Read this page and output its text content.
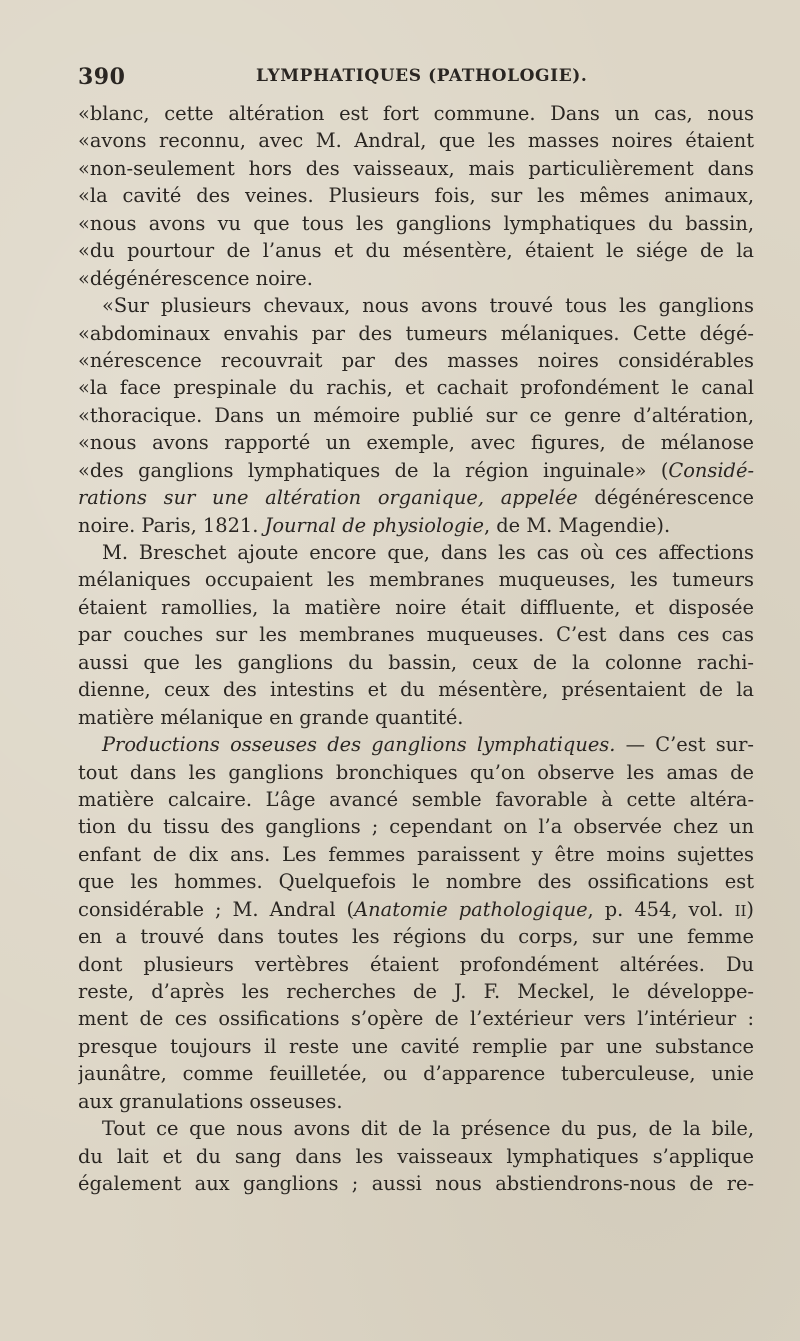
390	LYMPHATIQUES (PATHOLOGIE).
«blanc, cette altération est fort commune. Dans un cas, nous
«avons reconnu, avec M. Andral, que les masses noires étaient
«non-seulement hors des vaisseaux, mais particulièrement dans
«la cavité des veines. Plusieurs fois, sur les mêmes animaux,
«nous avons vu que tous les ganglions lymphatiques du bassin,
«du pourtour de l’anus et du mésentère, étaient le siége de la
«dégénérescence noire.
«Sur plusieurs chevaux, nous avons trouvé tous les ganglions
«abdominaux envahis par des tumeurs mélaniques. Cette dégé-
«nérescence recouvrait par des masses noires considérables
«la face prespinale du rachis, et cachait profondément le canal
«thoracique. Dans un mémoire publié sur ce genre d’altération,
«nous avons rapporté un exemple, avec figures, de mélanose
«des ganglions lymphatiques de la région inguinale» (Considé-
rations sur une altération organique, appelée dégénérescence
noire. Paris, 1821. Journal de physiologie, de M. Magendie).
M. Breschet ajoute encore que, dans les cas où ces affections
mélaniques occupaient les membranes muqueuses, les tumeurs
étaient ramollies, la matière noire était diffluente, et disposée
par couches sur les membranes muqueuses. C’est dans ces cas
aussi que les ganglions du bassin, ceux de la colonne rachi-
dienne, ceux des intestins et du mésentère, présentaient de la
matière mélanique en grande quantité.
Productions osseuses des ganglions lymphatiques. — C’est sur-
tout dans les ganglions bronchiques qu’on observe les amas de
matière calcaire. L’âge avancé semble favorable à cette altéra-
tion du tissu des ganglions ; cependant on l’a observée chez un
enfant de dix ans. Les femmes paraissent y être moins sujettes
que les hommes. Quelquefois le nombre des ossifications est
considérable ; M. Andral (Anatomie pathologique, p. 454, vol. II)
en a trouvé dans toutes les régions du corps, sur une femme
dont plusieurs vertèbres étaient profondément altérées. Du
reste, d’après les recherches de J. F. Meckel, le développe-
ment de ces ossifications s’opère de l’extérieur vers l’intérieur :
presque toujours il reste une cavité remplie par une substance
jaunâtre, comme feuilletée, ou d’apparence tuberculeuse, unie
aux granulations osseuses.
Tout ce que nous avons dit de la présence du pus, de la bile,
du lait et du sang dans les vaisseaux lymphatiques s’applique
également aux ganglions ; aussi nous abstiendrons-nous de re-
